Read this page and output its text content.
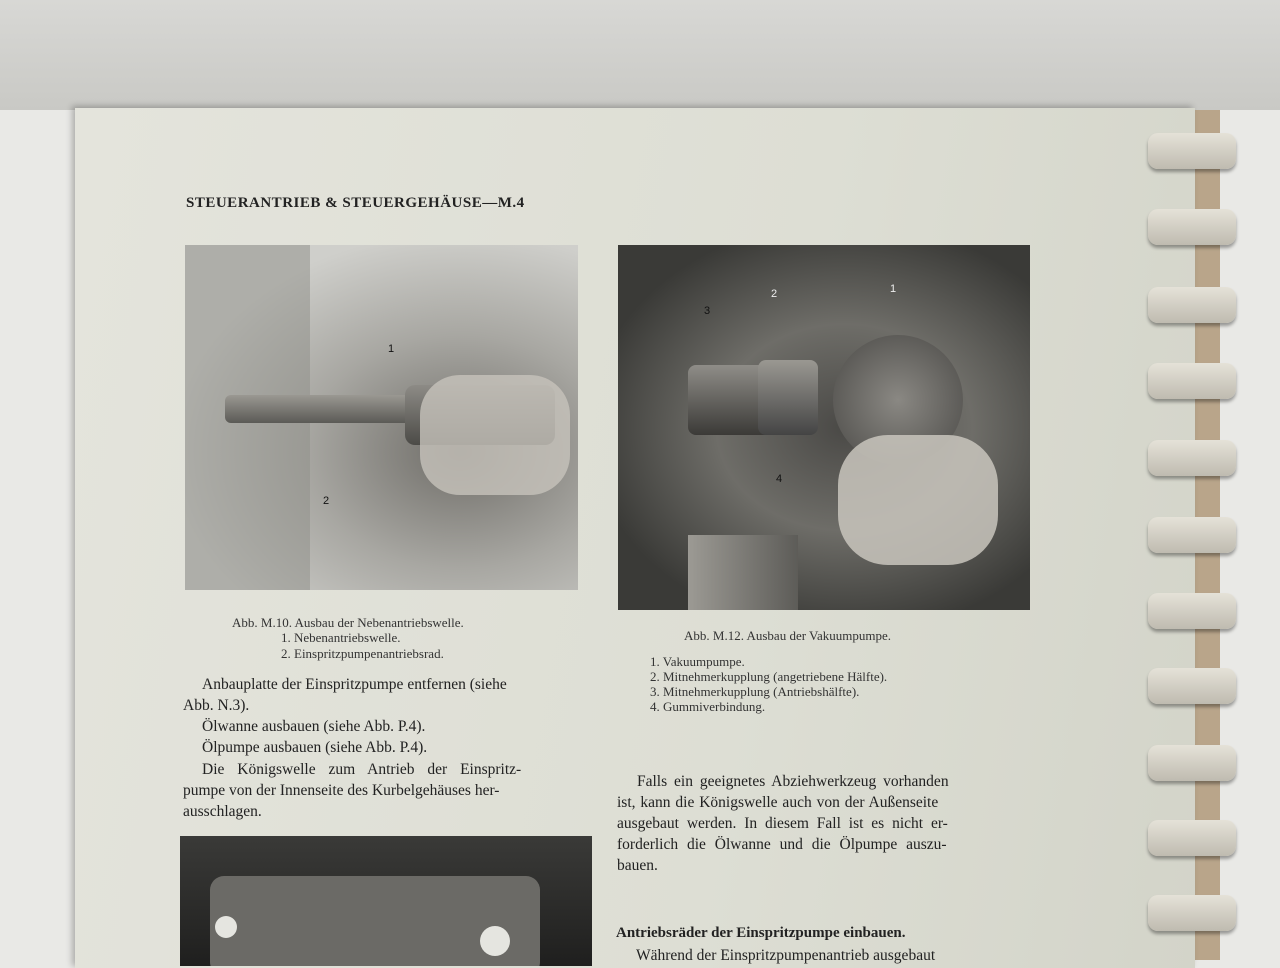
STEUERANTRIEB & STEUERGEHÄUSE—M.4
1
2
Abb. M.10. Ausbau der Nebenantriebswelle.
1. Nebenantriebswelle.
2. Einspritzpumpenantriebsrad.
Anbauplatte der Einspritzpumpe entfernen (siehe
Abb. N.3).
Ölwanne ausbauen (siehe Abb. P.4).
Ölpumpe ausbauen (siehe Abb. P.4).
Die Königswelle zum Antrieb der Einspritz-
pumpe von der Innenseite des Kurbelgehäuses her-
ausschlagen.
1
2
3
4
Abb. M.12. Ausbau der Vakuumpumpe.
1. Vakuumpumpe.
2. Mitnehmerkupplung (angetriebene Hälfte).
3. Mitnehmerkupplung (Antriebshälfte).
4. Gummiverbindung.
Falls ein geeignetes Abziehwerkzeug vorhanden
ist, kann die Königswelle auch von der Außenseite
ausgebaut werden. In diesem Fall ist es nicht er-
forderlich die Ölwanne und die Ölpumpe auszu-
bauen.
Antriebsräder der Einspritzpumpe einbauen.
Während der Einspritzpumpenantrieb ausgebaut
